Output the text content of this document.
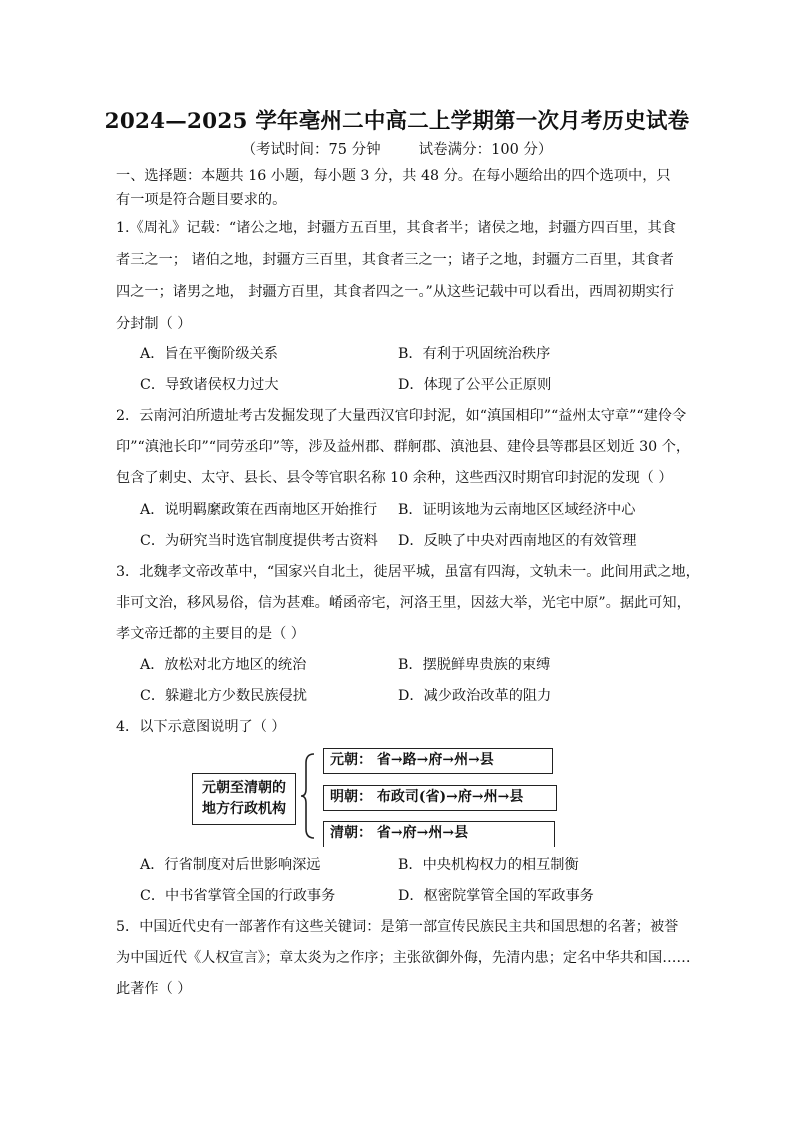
2024—2025 学年亳州二中高二上学期第一次月考历史试卷
（考试时间：75 分钟	试卷满分：100 分）
一、选择题：本题共 16 小题，每小题 3 分，共 48 分。在每小题给出的四个选项中，只
有一项是符合题目要求的。
1.《周礼》记载：“诸公之地，封疆方五百里，其食者半；诸侯之地，封疆方四百里，其食
者三之一； 诸伯之地，封疆方三百里，其食者三之一；诸子之地，封疆方二百里，其食者
四之一；诸男之地， 封疆方百里，其食者四之一。”从这些记载中可以看出，西周初期实行
分封制（ ）
A．旨在平衡阶级关系	B．有利于巩固统治秩序
C．导致诸侯权力过大	D．体现了公平公正原则
2．云南河泊所遗址考古发掘发现了大量西汉官印封泥，如“滇国相印”“益州太守章”“建伶令
印”“滇池长印”“同劳丞印”等，涉及益州郡、群舸郡、滇池县、建伶县等郡县区划近 30 个，
包含了刺史、太守、县长、县令等官职名称 10 余种，这些西汉时期官印封泥的发现（ ）
A．说明羁縻政策在西南地区开始推行 B．证明该地为云南地区区域经济中心
C．为研究当时选官制度提供考古资料 D．反映了中央对西南地区的有效管理
3．北魏孝文帝改革中，“国家兴自北土，徙居平城，虽富有四海，文轨未一。此间用武之地，
非可文治，移风易俗，信为甚难。崤函帝宅，河洛王里，因兹大举，光宅中原”。据此可知，
孝文帝迁都的主要目的是（ ）
A．放松对北方地区的统治	B．摆脱鲜卑贵族的束缚
C．躲避北方少数民族侵扰	D．减少政治改革的阻力
4．以下示意图说明了（ ）
元朝至清朝的
地方行政机构
元朝： 省→路→府→州→县
明朝： 布政司(省)→府→州→县
清朝： 省→府→州→县
A．行省制度对后世影响深远	B．中央机构权力的相互制衡
C．中书省掌管全国的行政事务	D．枢密院掌管全国的军政事务
5．中国近代史有一部著作有这些关键词：是第一部宣传民族民主共和国思想的名著；被誉
为中国近代《人权宣言》；章太炎为之作序；主张欲御外侮，先清内患；定名中华共和国……
此著作（ ）
